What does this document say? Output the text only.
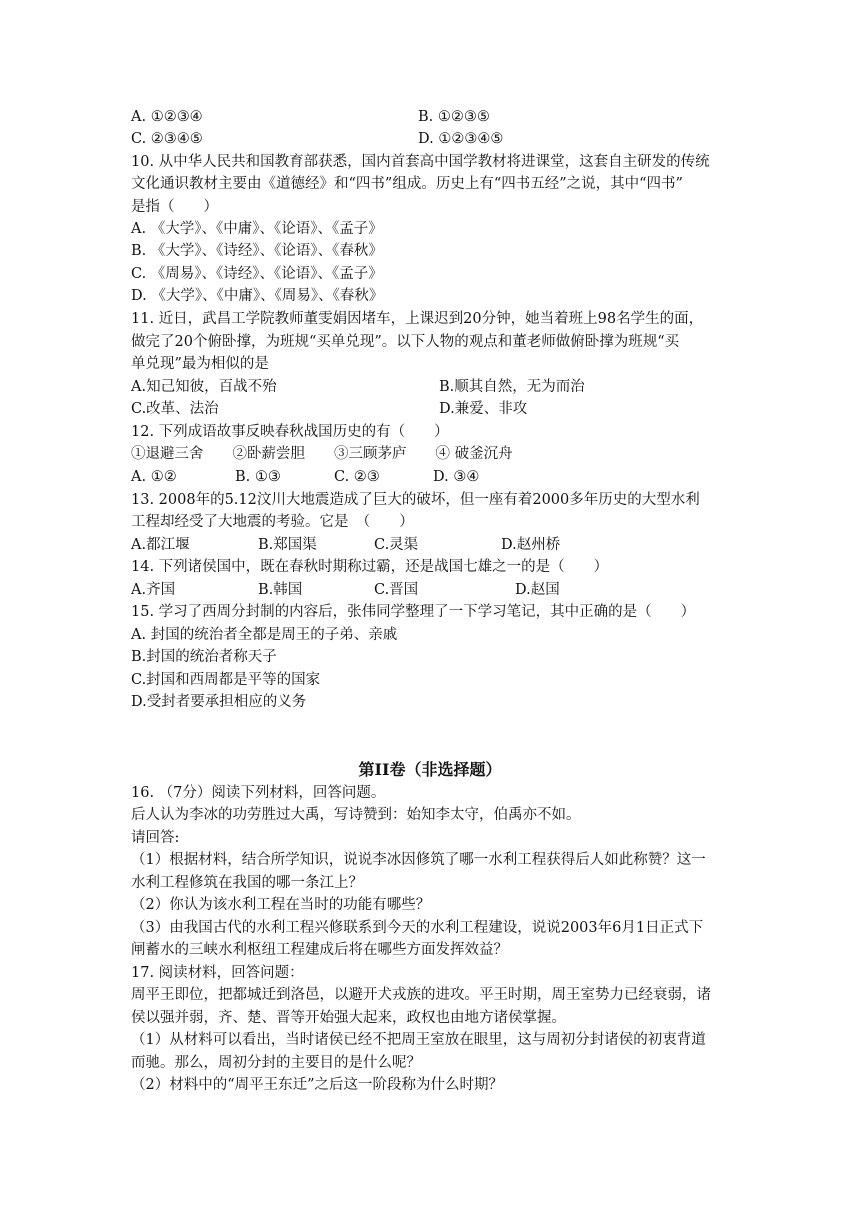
A. ①②③④	B. ①②③⑤
C. ②③④⑤	D. ①②③④⑤
10. 从中华人民共和国教育部获悉，国内首套高中国学教材将进课堂，这套自主研发的传统
文化通识教材主要由《道德经》和“四书”组成。历史上有“四书五经”之说，其中“四书”
是指（　　）
A. 《大学》、《中庸》、《论语》、《孟子》
B. 《大学》、《诗经》、《论语》、《春秋》
C. 《周易》、《诗经》、《论语》、《孟子》
D. 《大学》、《中庸》、《周易》、《春秋》
11. 近日，武昌工学院教师董雯娟因堵车，上课迟到20分钟，她当着班上98名学生的面，
做完了20个俯卧撑，为班规“买单兑现”。以下人物的观点和董老师做俯卧撑为班规“买
单兑现”最为相似的是
A.知己知彼，百战不殆	B.顺其自然，无为而治
C.改革、法治	D.兼爱、非攻
12. 下列成语故事反映春秋战国历史的有（　　）
①退避三舍　　②卧薪尝胆　　③三顾茅庐　　④ 破釜沉舟
A. ①②	B. ①③	C. ②③	D. ③④
13. 2008年的5.12汶川大地震造成了巨大的破坏，但一座有着2000多年历史的大型水利
工程却经受了大地震的考验。它是　（　　）
A.都江堰	B.郑国渠	C.灵渠	D.赵州桥
14. 下列诸侯国中，既在春秋时期称过霸，还是战国七雄之一的是（　　）
A.齐国	B.韩国	C.晋国	D.赵国
15. 学习了西周分封制的内容后，张伟同学整理了一下学习笔记，其中正确的是（　　）
A. 封国的统治者全都是周王的子弟、亲戚
B.封国的统治者称天子
C.封国和西周都是平等的国家
D.受封者要承担相应的义务
第II卷（非选择题）
16. （7分）阅读下列材料，回答问题。
后人认为李冰的功劳胜过大禹，写诗赞到：始知李太守，伯禹亦不如。
请回答:
（1）根据材料，结合所学知识，说说李冰因修筑了哪一水利工程获得后人如此称赞？这一
水利工程修筑在我国的哪一条江上？
（2）你认为该水利工程在当时的功能有哪些？
（3）由我国古代的水利工程兴修联系到今天的水利工程建设，说说2003年6月1日正式下
闸蓄水的三峡水利枢纽工程建成后将在哪些方面发挥效益？
17. 阅读材料，回答问题：
周平王即位，把都城迁到洛邑，以避开犬戎族的进攻。平王时期，周王室势力已经衰弱，诸
侯以强并弱，齐、楚、晋等开始强大起来，政权也由地方诸侯掌握。
（1）从材料可以看出，当时诸侯已经不把周王室放在眼里，这与周初分封诸侯的初衷背道
而驰。那么，周初分封的主要目的是什么呢？
（2）材料中的“周平王东迁”之后这一阶段称为什么时期？
